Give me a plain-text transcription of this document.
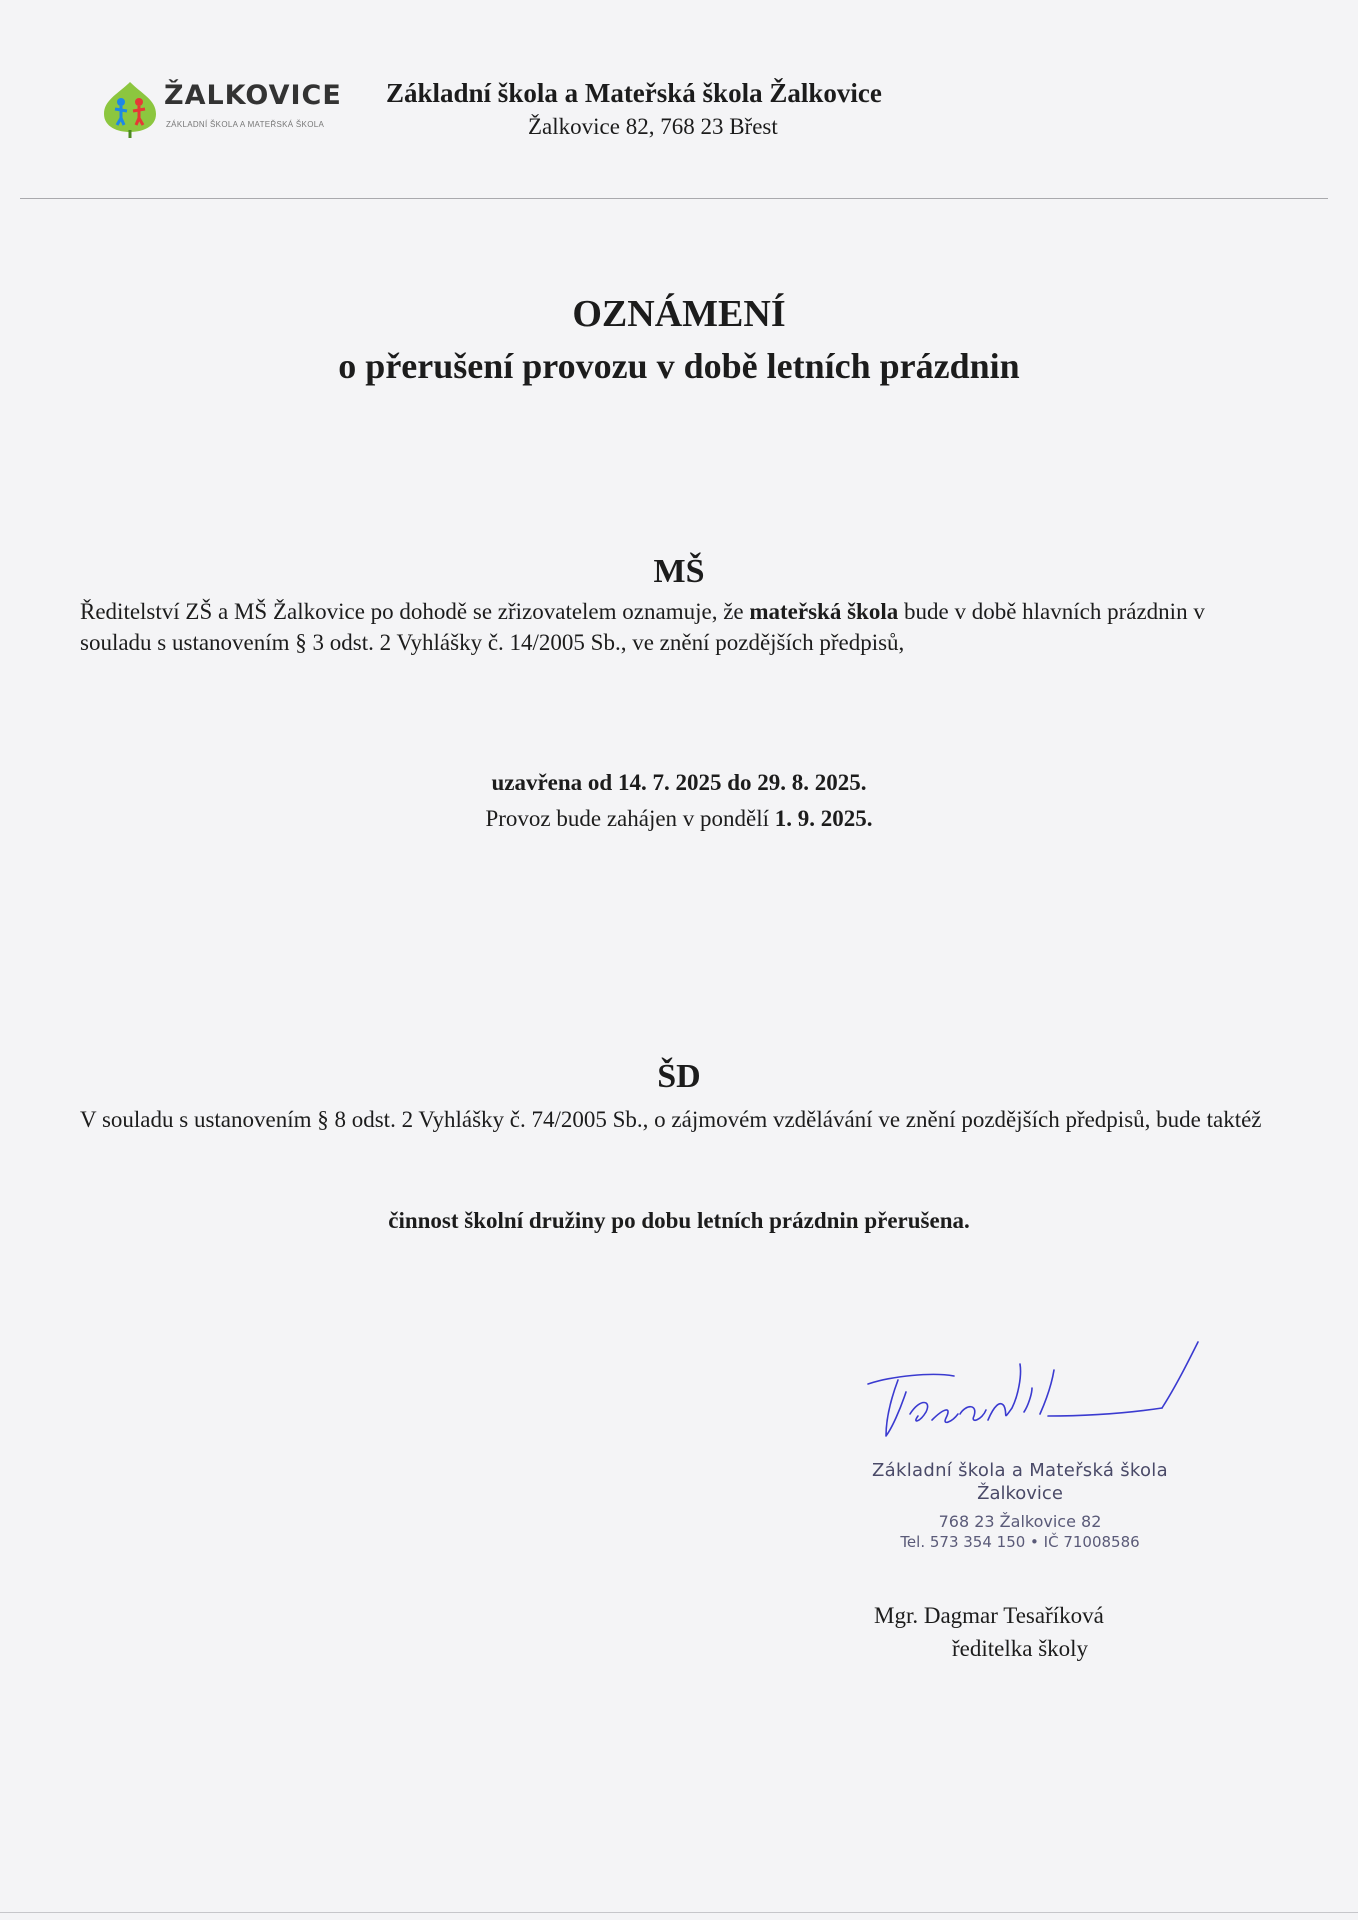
ŽALKOVICE
ZÁKLADNÍ ŠKOLA A MATEŘSKÁ ŠKOLA
Základní škola a Mateřská škola Žalkovice
Žalkovice 82, 768 23 Břest
OZNÁMENÍ
o přerušení provozu v době letních prázdnin
MŠ
Ředitelství ZŠ a MŠ Žalkovice po dohodě se zřizovatelem oznamuje, že mateřská škola bude v době hlavních prázdnin v souladu s ustanovením § 3 odst. 2 Vyhlášky č. 14/2005 Sb., ve znění pozdějších předpisů,
uzavřena od 14. 7. 2025 do 29. 8. 2025.
Provoz bude zahájen v pondělí 1. 9. 2025.
ŠD
V souladu s ustanovením § 8 odst. 2 Vyhlášky č. 74/2005 Sb., o zájmovém vzdělávání ve znění pozdějších předpisů, bude taktéž
činnost školní družiny po dobu letních prázdnin přerušena.
Základní škola a Mateřská škola
Žalkovice
768 23 Žalkovice 82
Tel. 573 354 150 • IČ 71008586
Mgr. Dagmar Tesaříková
ředitelka školy
